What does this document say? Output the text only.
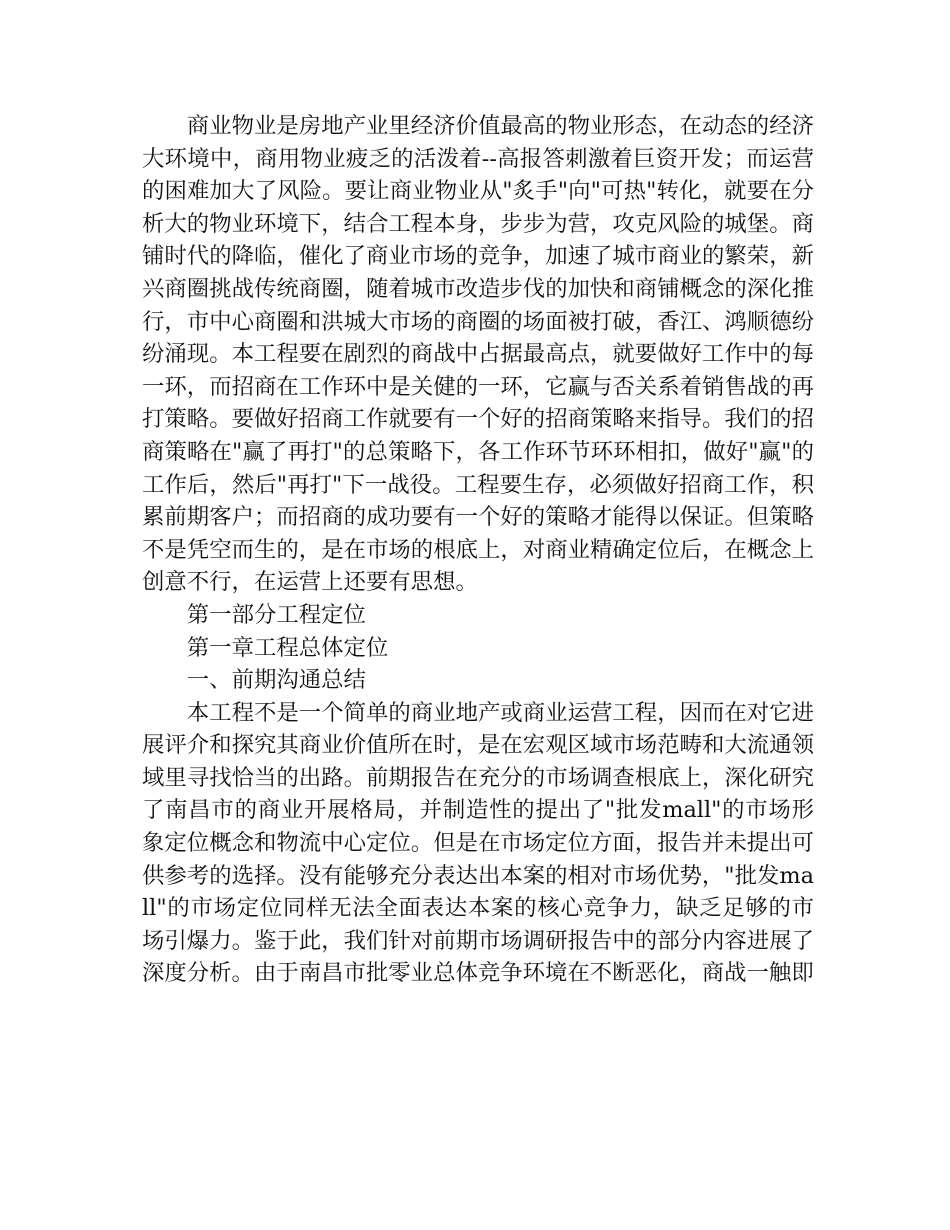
商业物业是房地产业里经济价值最高的物业形态，在动态的经济大环境中，商用物业疲乏的活泼着--高报答刺激着巨资开发；而运营的困难加大了风险。要让商业物业从"炙手"向"可热"转化，就要在分析大的物业环境下，结合工程本身，步步为营，攻克风险的城堡。商铺时代的降临，催化了商业市场的竞争，加速了城市商业的繁荣，新兴商圈挑战传统商圈，随着城市改造步伐的加快和商铺概念的深化推行，市中心商圈和洪城大市场的商圈的场面被打破，香江、鸿顺德纷纷涌现。本工程要在剧烈的商战中占据最高点，就要做好工作中的每一环，而招商在工作环中是关健的一环，它赢与否关系着销售战的再打策略。要做好招商工作就要有一个好的招商策略来指导。我们的招商策略在"赢了再打"的总策略下，各工作环节环环相扣，做好"赢"的工作后，然后"再打"下一战役。工程要生存，必须做好招商工作，积累前期客户；而招商的成功要有一个好的策略才能得以保证。但策略不是凭空而生的，是在市场的根底上，对商业精确定位后，在概念上创意不行，在运营上还要有思想。

第一部分工程定位

第一章工程总体定位

一、前期沟通总结

本工程不是一个简单的商业地产或商业运营工程，因而在对它进展评介和探究其商业价值所在时，是在宏观区域市场范畴和大流通领域里寻找恰当的出路。前期报告在充分的市场调查根底上，深化研究了南昌市的商业开展格局，并制造性的提出了"批发mall"的市场形象定位概念和物流中心定位。但是在市场定位方面，报告并未提出可供参考的选择。没有能够充分表达出本案的相对市场优势，"批发mall"的市场定位同样无法全面表达本案的核心竞争力，缺乏足够的市场引爆力。鉴于此，我们针对前期市场调研报告中的部分内容进展了深度分析。由于南昌市批零业总体竞争环境在不断恶化，商战一触即
